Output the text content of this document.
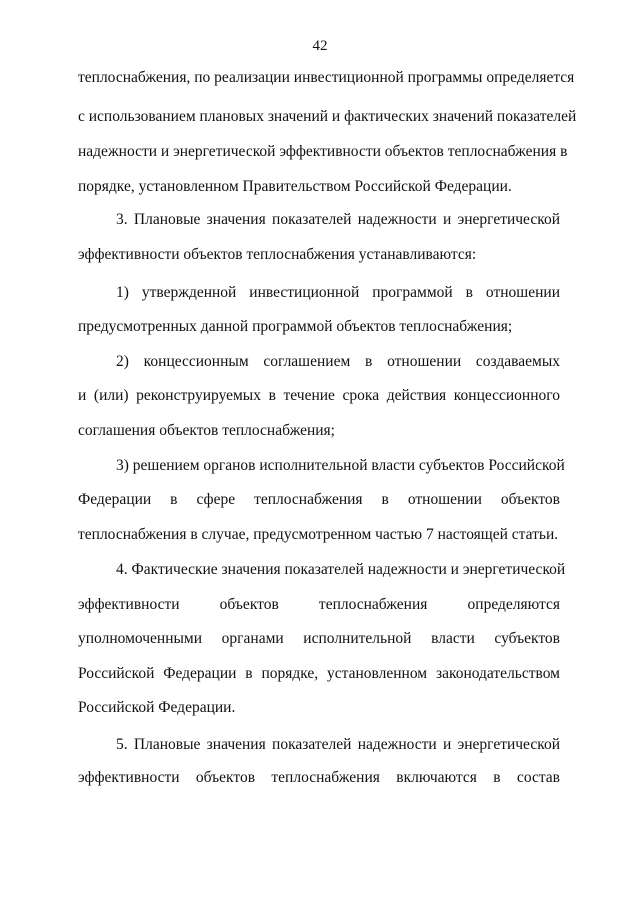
42
теплоснабжения, по реализации инвестиционной программы определяется
с использованием плановых значений и фактических значений показателей
надежности и энергетической эффективности объектов теплоснабжения в
порядке, установленном Правительством Российской Федерации.
3. Плановые значения показателей надежности и энергетической
эффективности объектов теплоснабжения устанавливаются:
1) утвержденной инвестиционной программой в отношении
предусмотренных данной программой объектов теплоснабжения;
2) концессионным соглашением в отношении создаваемых
и (или) реконструируемых в течение срока действия концессионного
соглашения объектов теплоснабжения;
3) решением органов исполнительной власти субъектов Российской
Федерации в сфере теплоснабжения в отношении объектов
теплоснабжения в случае, предусмотренном частью 7 настоящей статьи.
4. Фактические значения показателей надежности и энергетической
эффективности объектов теплоснабжения определяются
уполномоченными органами исполнительной власти субъектов
Российской Федерации в порядке, установленном законодательством
Российской Федерации.
5. Плановые значения показателей надежности и энергетической
эффективности объектов теплоснабжения включаются в состав
